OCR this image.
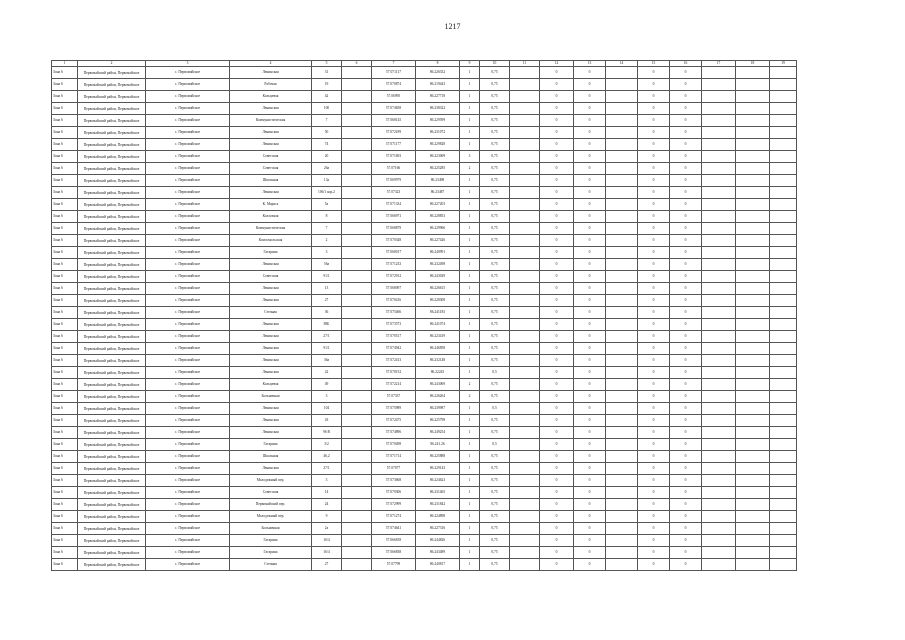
1217
1	2	3	4	5	6	7	8	9	10	11	12	13	14	15	16	17	18	19
Зона 6	Первомайский район, Первомайское	с. Первомайское	Ленинская	31		57.071117	86.226332	1	0,75		0	0		0	0			
Зона 6	Первомайский район, Первомайское	с. Первомайское	Рабочая	19		57.070874	86.219443	1	0,75		0	0		0	0			
Зона 6	Первомайский район, Первомайское	с. Первомайское	Кольцевая	42		57.06995	86.227718	1	0,75		0	0		0	0			
Зона 6	Первомайский район, Первомайское	с. Первомайское	Ленинская	100		57.074658	86.238322	1	0,75		0	0		0	0			
Зона 6	Первомайский район, Первомайское	с. Первомайское	Коммунистическая	7		57.068145	86.229599	1	0,75		0	0		0	0			
Зона 6	Первомайский район, Первомайское	с. Первомайское	Ленинская	50		57.072189	86.231072	1	0,75		0	0		0	0			
Зона 6	Первомайский район, Первомайское	с. Первомайское	Ленинская	74		57.071177	86.229828	1	0,75		0	0		0	0			
Зона 6	Первомайский район, Первомайское	с. Первомайское	Советская	20		57.071693	86.223069	3	0,75		0	0		0	0			
Зона 6	Первомайский район, Первомайское	с. Первомайское	Советская	26а		57.07166	86.225285	2	0,75		0	0		0	0			
Зона 6	Первомайский район, Первомайское	с. Первомайское	Школьная	13а		57.069979	86.23498	1	0,75		0	0		0	0			
Зона 6	Первомайский район, Первомайское	с. Первомайское	Ленинская	106/1 кор.2		57.07323	86.23487	1	0,75		0	0		0	0			
Зона 6	Первомайский район, Первомайское	с. Первомайское	К. Маркса	5а		57.071334	86.227203	1	0,75		0	0		0	0			
Зона 6	Первомайский район, Первомайское	с. Первомайское	Колхозная	8		57.066971	86.228853	1	0,75		0	0		0	0			
Зона 6	Первомайский район, Первомайское	с. Первомайское	Коммунистическая	7		57.068879	86.229966	1	0,75		0	0		0	0			
Зона 6	Первомайский район, Первомайское	с. Первомайское	Комсомольская	2		57.070348	86.227426	1	0,75		0	0		0	0			
Зона 6	Первомайский район, Первомайское	с. Первомайское	Гагарина	3		57.068017	86.240991	1	0,75		0	0		0	0			
Зона 6	Первомайский район, Первомайское	с. Первомайское	Ленинская	56а		57.071233	86.232498	1	0,75		0	0		0	0			
Зона 6	Первомайский район, Первомайское	с. Первомайское	Советская	91/1		57.072912	86.243029	1	0,75		0	0		0	0			
Зона 6	Первомайский район, Первомайское	с. Первомайское	Ленинская	13		57.068097	86.226615	1	0,75		0	0		0	0			
Зона 6	Первомайский район, Первомайское	с. Первомайское	Ленинская	27		57.070416	86.228308	1	0,75		0	0		0	0			
Зона 6	Первомайский район, Первомайское	с. Первомайское	Степная	36		57.075466	86.241183	1	0,75		0	0		0	0			
Зона 6	Первомайский район, Первомайское	с. Первомайское	Ленинская	88Б		57.073573	86.241074	1	0,75		0	0		0	0			
Зона 6	Первомайский район, Первомайское	с. Первомайское	Ленинская	27/1		57.070517	86.223419	1	0,75		0	0		0	0			
Зона 6	Первомайский район, Первомайское	с. Первомайское	Ленинская	91/1		57.074942	86.246858	1	0,75		0	0		0	0			
Зона 6	Первомайский район, Первомайское	с. Первомайское	Ленинская	36а		57.072413	86.232148	1	0,75		0	0		0	0			
Зона 6	Первомайский район, Первомайское	с. Первомайское	Ленинская	22		57.070152	86.22243	1	0,5		0	0		0	0			
Зона 6	Первомайский район, Первомайское	с. Первомайское	Кольцевая	49		57.072214	86.243069	2	0,75		0	0		0	0			
Зона 6	Первомайский район, Первомайское	с. Первомайское	Больничная	3		57.07337	86.226264	2	0,75		0	0		0	0			
Зона 6	Первомайский район, Первомайское	с. Первомайское	Ленинская	104		57.075989	86.239987	1	0,5		0	0		0	0			
Зона 6	Первомайский район, Первомайское	с. Первомайское	Ленинская	43		57.072475	86.225798	1	0,75		0	0		0	0			
Зона 6	Первомайский район, Первомайское	с. Первомайское	Ленинская	96 В		57.074896	86.249254	1	0,75		0	0		0	0			
Зона 6	Первомайский район, Первомайское	с. Первомайское	Гагарина	3/2		57.070498	86.241.26	1	0,5		0	0		0	0			
Зона 6	Первомайский район, Первомайское	с. Первомайское	Школьная	46,2		57.071714	86.225888	1	0,75		0	0		0	0			
Зона 6	Первомайский район, Первомайское	с. Первомайское	Ленинская	27/1		57.07077	86.229143	1	0,75		0	0		0	0			
Зона 6	Первомайский район, Первомайское	с. Первомайское	Молодежный пер.	3		57.073668	86.224623	1	0,75		0	0		0	0			
Зона 6	Первомайский район, Первомайское	с. Первомайское	Советская	14		57.070306	86.231465	1	0,75		0	0		0	0			
Зона 6	Первомайский район, Первомайское	с. Первомайское	Первомайский пер.	24		57.072999	86.231842	1	0,75		0	0		0	0			
Зона 6	Первомайский район, Первомайское	с. Первомайское	Молодежный пер.	9		57.071274	86.224898	1	0,75		0	0		0	0			
Зона 6	Первомайский район, Первомайское	с. Первомайское	Больничная	2а		57.074641	86.227316	1	0,75		0	0		0	0			
Зона 6	Первомайский район, Первомайское	с. Первомайское	Гагарина	16/4		57.066818	86.244826	1	0,75		0	0		0	0			
Зона 6	Первомайский район, Первомайское	с. Первомайское	Гагарина	16/4		57.066838	86.243489	1	0,75		0	0		0	0			
Зона 6	Первомайский район, Первомайское	с. Первомайское	Степная	27		57.07799	86.240817	1	0,75		0	0		0	0			
